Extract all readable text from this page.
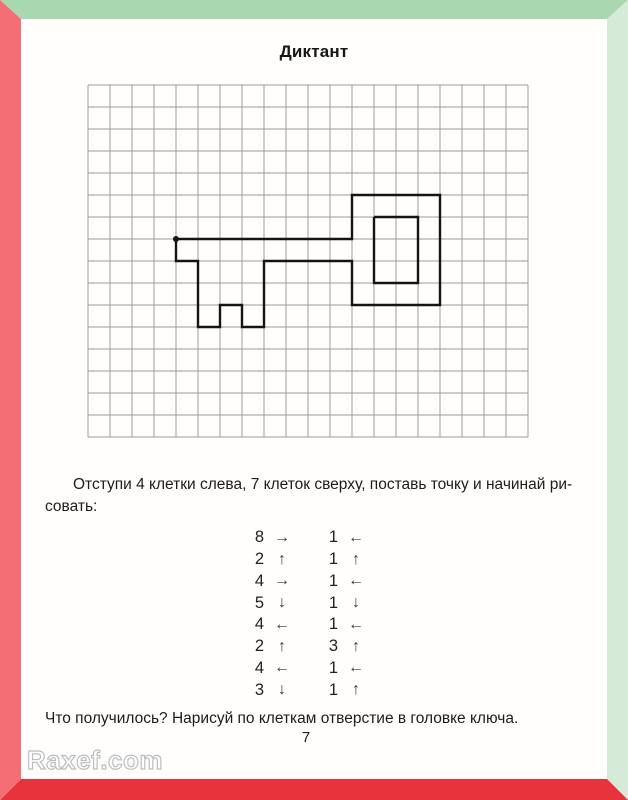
Диктант
Отступи 4 клетки слева, 7 клеток сверху, поставь точку и начинай ри-
совать:
8 →	1 ←
2 ↑	1 ↑
4 →	1 ←
5 ↓	1 ↓
4 ←	1 ←
2 ↑	3 ↑
4 ←	1 ←
3 ↓	1 ↑
Что получилось? Нарисуй по клеткам отверстие в головке ключа.
7
Raxef.com
